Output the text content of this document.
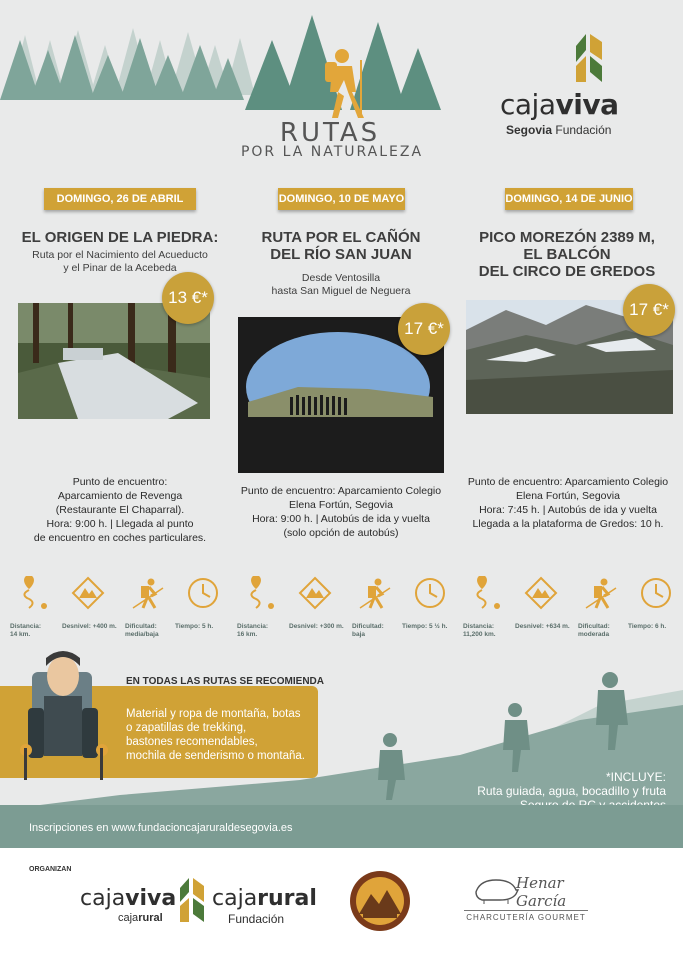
RUTAS
POR LA NATURALEZA
cajaviva
Segovia Fundación
DOMINGO, 26 DE ABRIL
EL ORIGEN DE LA PIEDRA:
Ruta por el Nacimiento del Acueducto
y el Pinar de la Acebeda
13 €*
Punto de encuentro:
Aparcamiento de Revenga
(Restaurante El Chaparral).
Hora: 9:00 h. | Llegada al punto
de encuentro en coches particulares.
DOMINGO, 10 DE MAYO
RUTA POR EL CAÑÓN
DEL RÍO SAN JUAN
Desde Ventosilla
hasta San Miguel de Neguera
17 €*
Punto de encuentro: Aparcamiento Colegio
Elena Fortún, Segovia
Hora: 9:00 h. | Autobús de ida y vuelta
(solo opción de autobús)
DOMINGO, 14 DE JUNIO
PICO MOREZÓN 2389 M,
EL BALCÓN
DEL CIRCO DE GREDOS
17 €*
Punto de encuentro: Aparcamiento Colegio
Elena Fortún, Segovia
Hora: 7:45 h. | Autobús de ida y vuelta
Llegada a la plataforma de Gredos: 10 h.
Distancia:
14 km.
Desnivel: +400 m. Dificultad:
media/baja
Tiempo: 5 h.	Distancia:
16 km.
Desnivel: +300 m. Dificultad:
baja
Tiempo: 5 ½ h.	Distancia:
11,200 km.
Desnivel: +634 m. Dificultad:
moderada
Tiempo: 6 h.
EN TODAS LAS RUTAS SE RECOMIENDA
Material y ropa de montaña, botas
o zapatillas de trekking,
bastones recomendables,
mochila de senderismo o montaña.
*INCLUYE:
Ruta guiada, agua, bocadillo y fruta
Inscripciones en www.fundacioncajaruraldesegovia.es
ORGANIZAN
cajaviva
cajarural
cajarural
Fundación
Henar García
CHARCUTERÍA GOURMET
